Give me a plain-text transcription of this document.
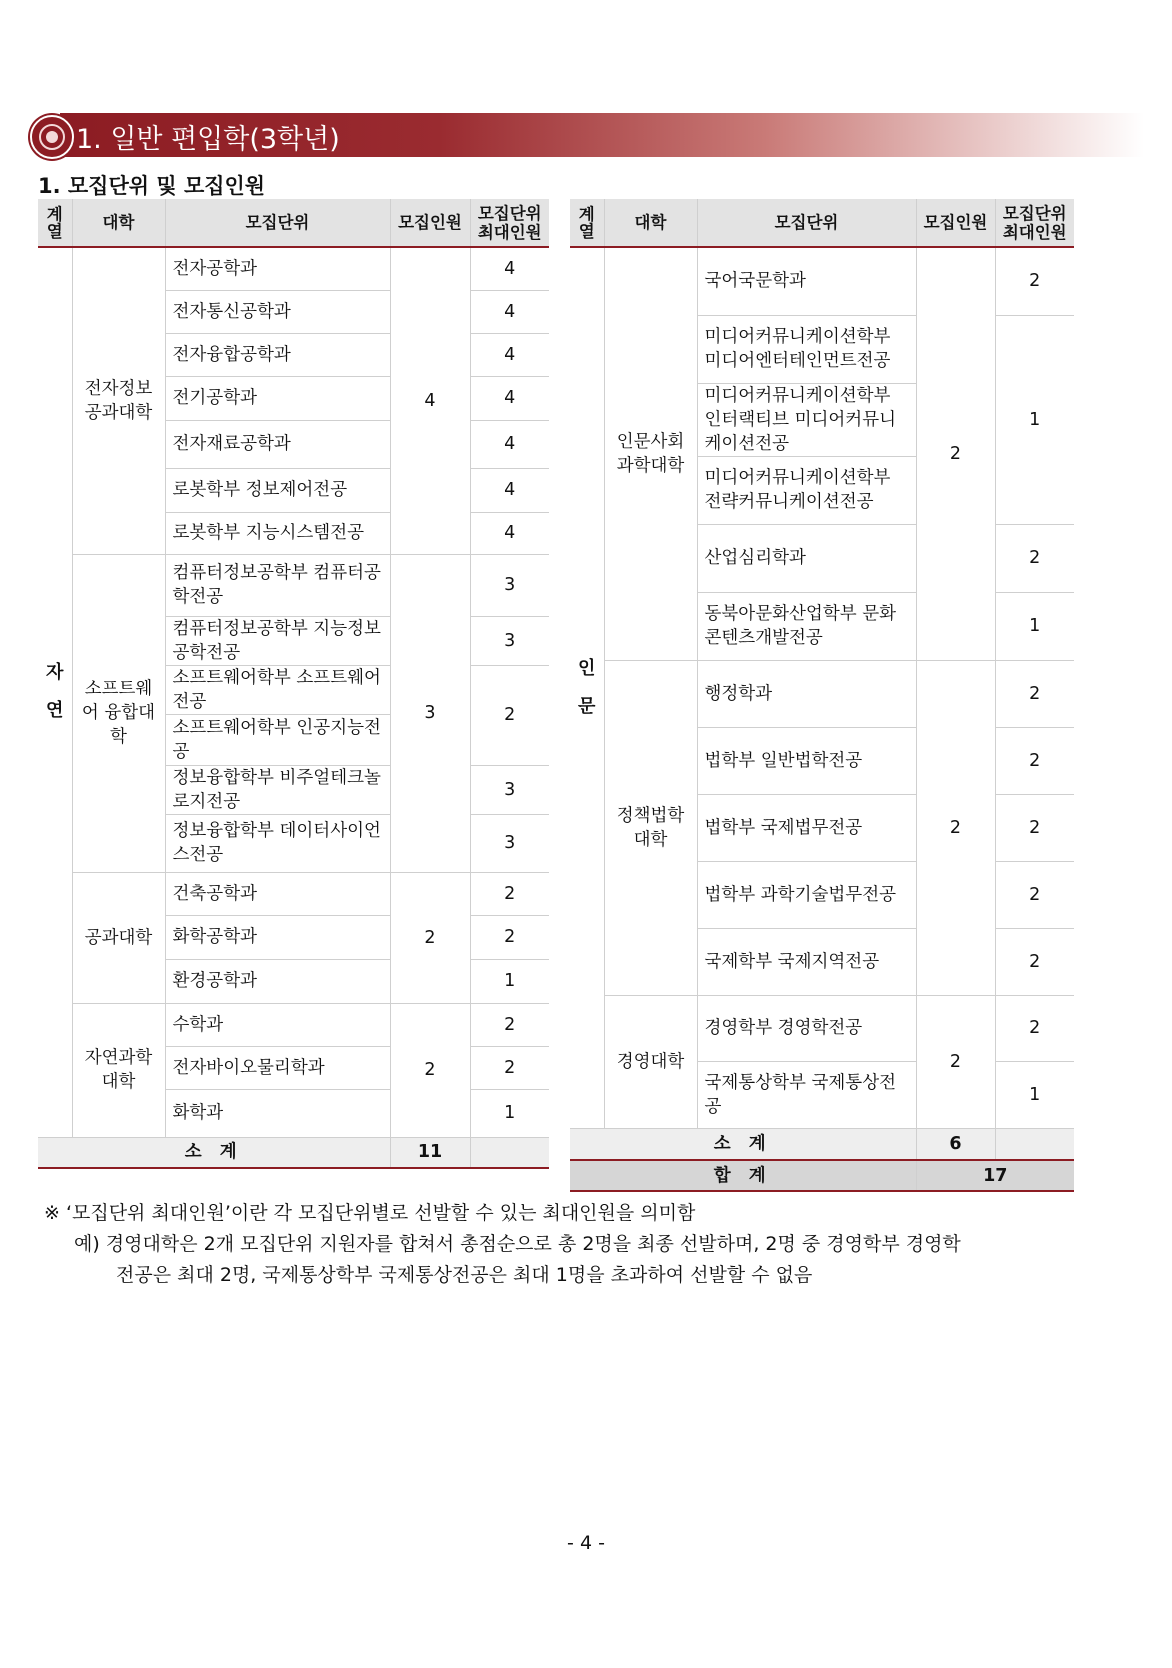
1. 일반 편입학(3학년)
1. 모집단위 및 모집인원
계열	대학	모집단위	모집인원	모집단위 최대인원
자연	전자정보 공과대학	전자공학과	4	4
		전자통신공학과		4
		전자융합공학과		4
		전기공학과		4
		전자재료공학과		4
		로봇학부 정보제어전공		4
		로봇학부 지능시스템전공		4
	소프트웨어 융합대학	컴퓨터정보공학부 컴퓨터공학전공	3	3
		컴퓨터정보공학부 지능정보공학전공		3
		소프트웨어학부 소프트웨어전공		2
		소프트웨어학부 인공지능전공		
		정보융합학부 비주얼테크놀로지전공		3
		정보융합학부 데이터사이언스전공		3
	공과대학	건축공학과	2	2
		화학공학과		2
		환경공학과		1
	자연과학 대학	수학과	2	2
		전자바이오물리학과		2
		화학과		1
소 계			11	
계열	대학	모집단위	모집인원	모집단위 최대인원
인문	인문사회 과학대학	국어국문학과	2	2
		미디어커뮤니케이션학부 미디어엔터테인먼트전공		1
		미디어커뮤니케이션학부 인터랙티브 미디어커뮤니케이션전공		
		미디어커뮤니케이션학부 전략커뮤니케이션전공		
		산업심리학과		2
		동북아문화산업학부 문화콘텐츠개발전공		1
	정책법학 대학	행정학과	2	2
		법학부 일반법학전공		2
		법학부 국제법무전공		2
		법학부 과학기술법무전공		2
		국제학부 국제지역전공		2
	경영대학	경영학부 경영학전공	2	2
		국제통상학부 국제통상전공		1
소 계			6	
합 계			17	

※ ‘모집단위 최대인원’이란 각 모집단위별로 선발할 수 있는 최대인원을 의미함

예) 경영대학은 2개 모집단위 지원자를 합쳐서 총점순으로 총 2명을 최종 선발하며, 2명 중 경영학부 경영학

전공은 최대 2명, 국제통상학부 국제통상전공은 최대 1명을 초과하여 선발할 수 없음

- 4 -
